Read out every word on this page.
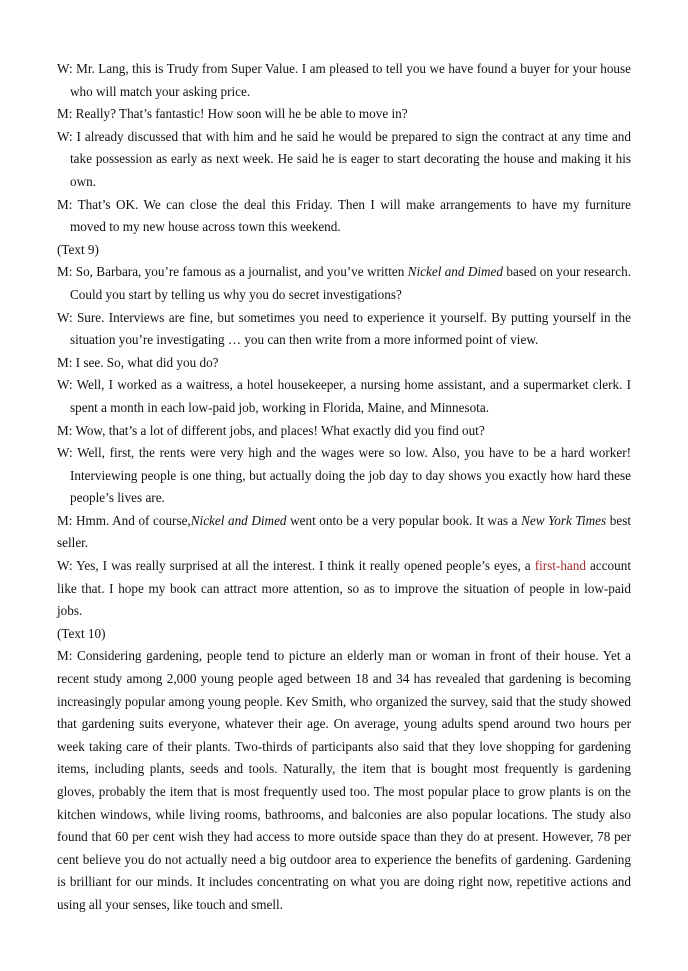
W: Mr. Lang, this is Trudy from Super Value. I am pleased to tell you we have found a buyer for your house who will match your asking price.

M: Really? That’s fantastic! How soon will he be able to move in?

W: I already discussed that with him and he said he would be prepared to sign the contract at any time and take possession as early as next week. He said he is eager to start decorating the house and making it his own.

M: That’s OK. We can close the deal this Friday. Then I will make arrangements to have my furniture moved to my new house across town this weekend.

(Text 9)

M: So, Barbara, you’re famous as a journalist, and you’ve written Nickel and Dimed based on your research. Could you start by telling us why you do secret investigations?

W: Sure. Interviews are fine, but sometimes you need to experience it yourself. By putting yourself in the situation you’re investigating … you can then write from a more informed point of view.

M: I see. So, what did you do?

W: Well, I worked as a waitress, a hotel housekeeper, a nursing home assistant, and a supermarket clerk. I spent a month in each low-paid job, working in Florida, Maine, and Minnesota.

M: Wow, that’s a lot of different jobs, and places! What exactly did you find out?

W: Well, first, the rents were very high and the wages were so low. Also, you have to be a hard worker! Interviewing people is one thing, but actually doing the job day to day shows you exactly how hard these people’s lives are.

M: Hmm. And of course,Nickel and Dimed went onto be a very popular book. It was a New York Times best seller.

W: Yes, I was really surprised at all the interest. I think it really opened people’s eyes, a first-hand account like that. I hope my book can attract more attention, so as to improve the situation of people in low-paid jobs.

(Text 10)

M: Considering gardening, people tend to picture an elderly man or woman in front of their house. Yet a recent study among 2,000 young people aged between 18 and 34 has revealed that gardening is becoming increasingly popular among young people. Kev Smith, who organized the survey, said that the study showed that gardening suits everyone, whatever their age. On average, young adults spend around two hours per week taking care of their plants. Two-thirds of participants also said that they love shopping for gardening items, including plants, seeds and tools. Naturally, the item that is bought most frequently is gardening gloves, probably the item that is most frequently used too. The most popular place to grow plants is on the kitchen windows, while living rooms, bathrooms, and balconies are also popular locations. The study also found that 60 per cent wish they had access to more outside space than they do at present. However, 78 per cent believe you do not actually need a big outdoor area to experience the benefits of gardening. Gardening is brilliant for our minds. It includes concentrating on what you are doing right now, repetitive actions and using all your senses, like touch and smell.
